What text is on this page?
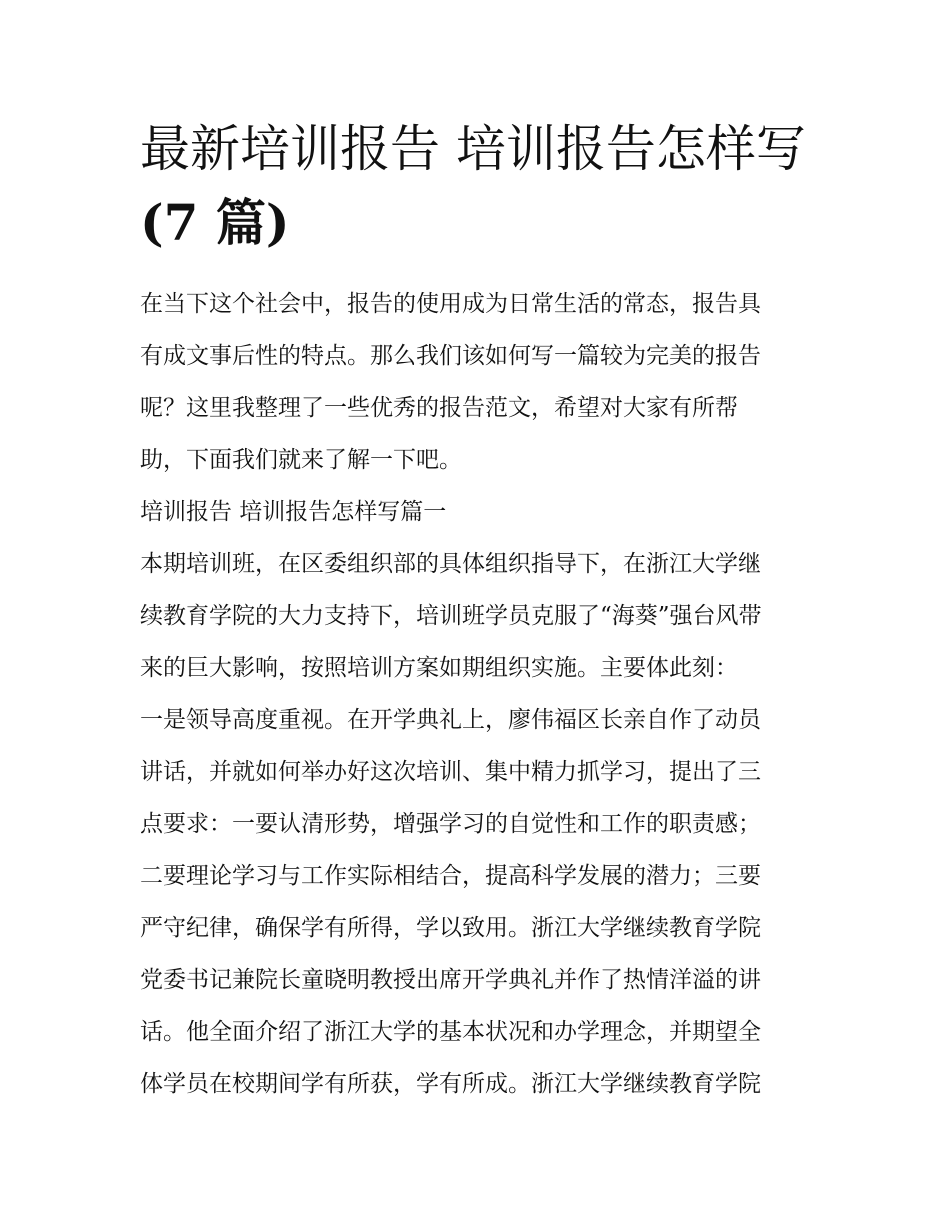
最新培训报告 培训报告怎样写
(7 篇)

在当下这个社会中，报告的使用成为日常生活的常态，报告具

有成文事后性的特点。那么我们该如何写一篇较为完美的报告

呢？这里我整理了一些优秀的报告范文，希望对大家有所帮

助，下面我们就来了解一下吧。

培训报告 培训报告怎样写篇一

本期培训班，在区委组织部的具体组织指导下，在浙江大学继

续教育学院的大力支持下，培训班学员克服了“海葵”强台风带

来的巨大影响，按照培训方案如期组织实施。主要体此刻：

一是领导高度重视。在开学典礼上，廖伟福区长亲自作了动员

讲话，并就如何举办好这次培训、集中精力抓学习，提出了三

点要求：一要认清形势，增强学习的自觉性和工作的职责感；

二要理论学习与工作实际相结合，提高科学发展的潜力；三要

严守纪律，确保学有所得，学以致用。浙江大学继续教育学院

党委书记兼院长童晓明教授出席开学典礼并作了热情洋溢的讲

话。他全面介绍了浙江大学的基本状况和办学理念，并期望全

体学员在校期间学有所获，学有所成。浙江大学继续教育学院
